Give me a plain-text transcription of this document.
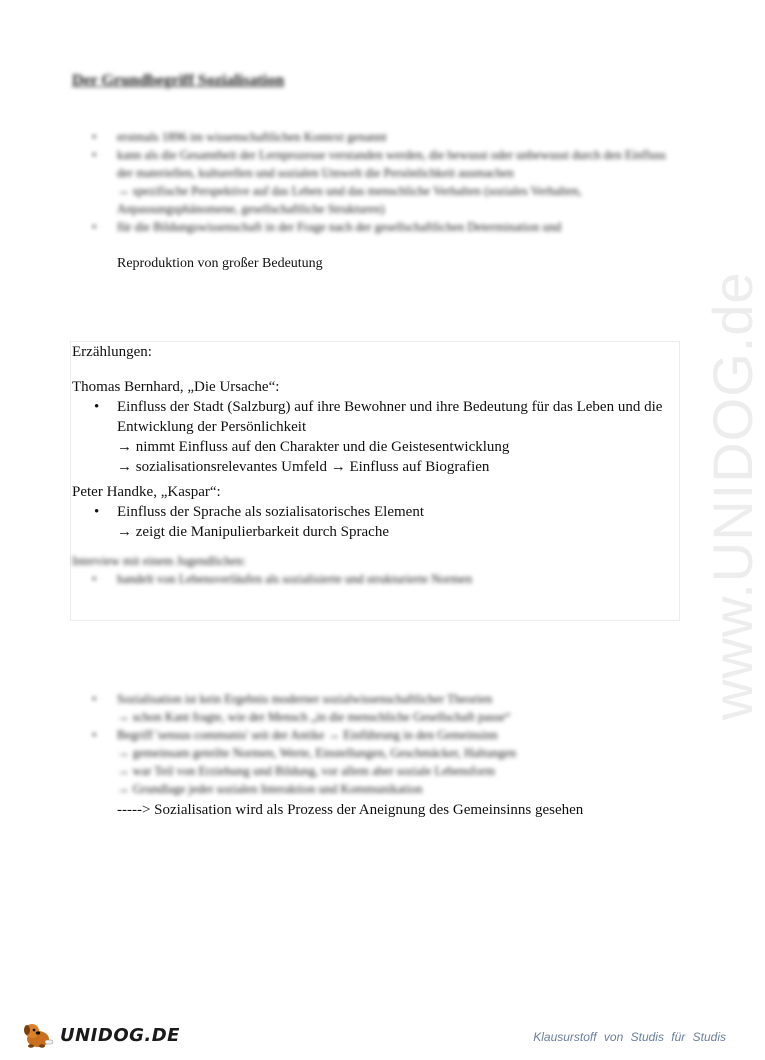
www.UNIDOG.de
Der Grundbegriff Sozialisation
• erstmals 1896 im wissenschaftlichen Kontext genannt
• kann als die Gesamtheit der Lernprozesse verstanden werden, die bewusst oder unbewusst durch den Einfluss der materiellen, kulturellen und sozialen Umwelt die Persönlichkeit ausmachen
→ spezifische Perspektive auf das Leben und das menschliche Verhalten (soziales Verhalten, Anpassungsphänomene, gesellschaftliche Strukturen)
• für die Bildungswissenschaft in der Frage nach der gesellschaftlichen Determination und
Reproduktion von großer Bedeutung
Erzählungen:
Thomas Bernhard, „Die Ursache“:
• Einfluss der Stadt (Salzburg) auf ihre Bewohner und ihre Bedeutung für das Leben und die Entwicklung der Persönlichkeit
→ nimmt Einfluss auf den Charakter und die Geistesentwicklung
→ sozialisationsrelevantes Umfeld → Einfluss auf Biografien
Peter Handke, „Kaspar“:
• Einfluss der Sprache als sozialisatorisches Element
→ zeigt die Manipulierbarkeit durch Sprache
Interview mit einem Jugendlichen:
• handelt von Lebensverläufen als sozialisierte und strukturierte Normen
• Sozialisation ist kein Ergebnis moderner sozialwissenschaftlicher Theorien
→ schon Kant fragte, wie der Mensch „in die menschliche Gesellschaft passe“
• Begriff 'sensus communis' seit der Antike → Einführung in den Gemeinsinn
→ gemeinsam geteilte Normen, Werte, Einstellungen, Geschmäcker, Haltungen
→ war Teil von Erziehung und Bildung, vor allem aber soziale Lebensform
→ Grundlage jeder sozialen Interaktion und Kommunikation
-----> Sozialisation wird als Prozess der Aneignung des Gemeinsinns gesehen
UNIDOG.DE	Klausurstoff von Studis für Studis
